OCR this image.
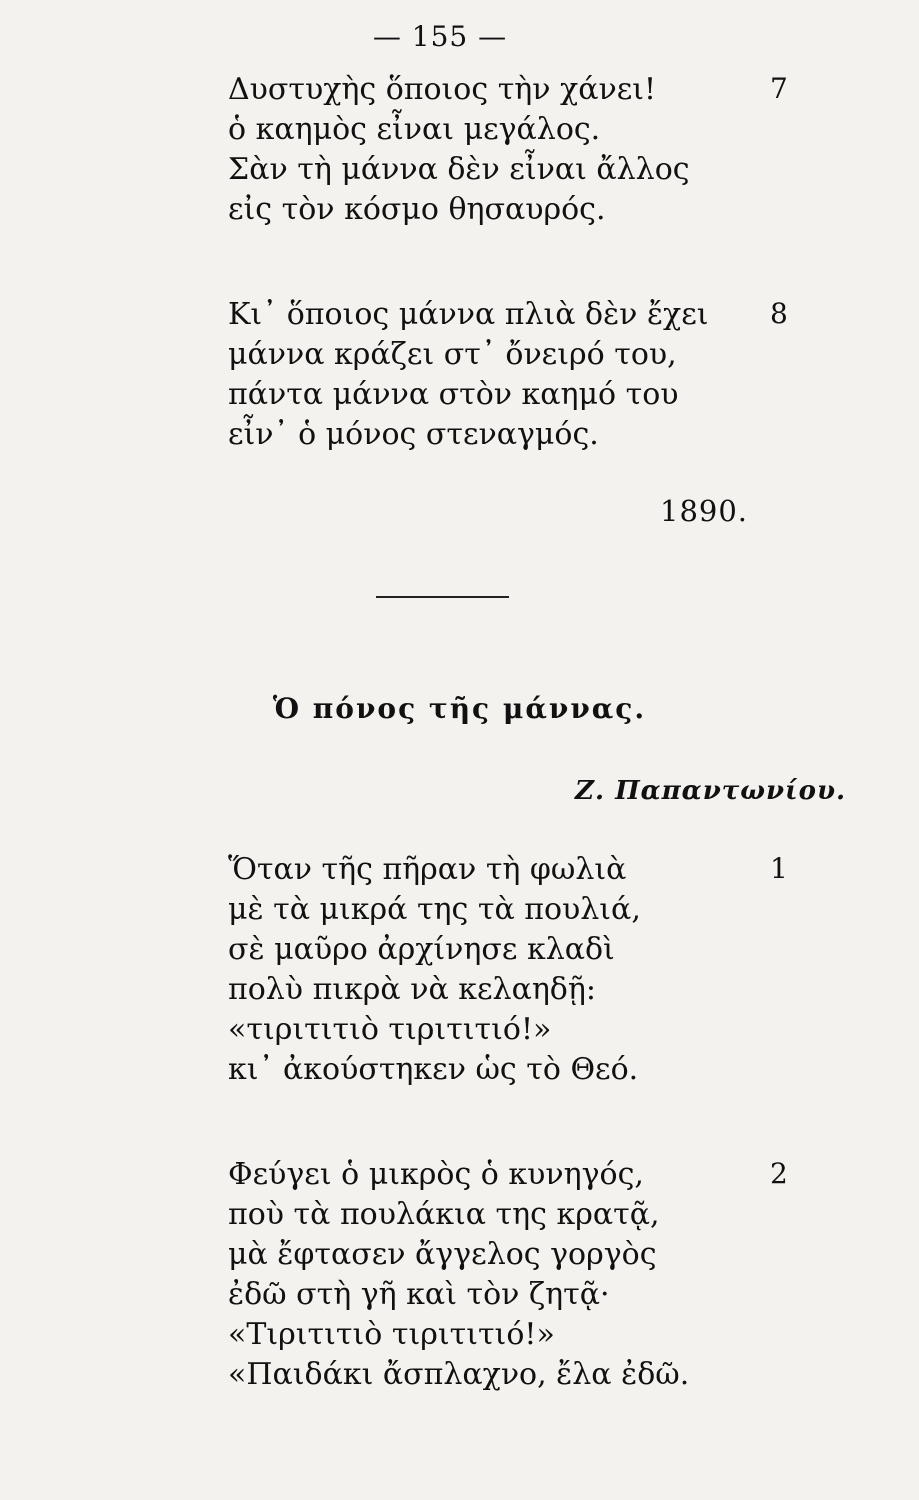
— 155 —
Δυστυχὴς ὅποιος τὴν χάνει!
ὁ καημὸς εἶναι μεγάλος.
Σὰν τὴ μάννα δὲν εἶναι ἄλλος
εἰς τὸν κόσμο θησαυρός.
7
Κι᾽ ὅποιος μάννα πλιὰ δὲν ἔχει
μάννα κράζει στ᾽ ὄνειρό του,
πάντα μάννα στὸν καημό του
εἶν᾽ ὁ μόνος στεναγμός.
8
1890.
Ὁ πόνος τῆς μάννας.
Ζ. Παπαντωνίου.
Ὅταν τῆς πῆραν τὴ φωλιὰ
μὲ τὰ μικρά της τὰ πουλιά,
σὲ μαῦρο ἀρχίνησε κλαδὶ
πολὺ πικρὰ νὰ κελαηδῇ:
«τιριτιτιὸ τιριτιτιό!»
κι᾽ ἀκούστηκεν ὡς τὸ Θεό.
1
Φεύγει ὁ μικρὸς ὁ κυνηγός,
ποὺ τὰ πουλάκια της κρατᾷ,
μὰ ἔφτασεν ἄγγελος γοργὸς
ἐδῶ στὴ γῆ καὶ τὸν ζητᾷ·
«Τιριτιτιὸ τιριτιτιό!»
«Παιδάκι ἄσπλαχνο, ἔλα ἐδῶ.
2
